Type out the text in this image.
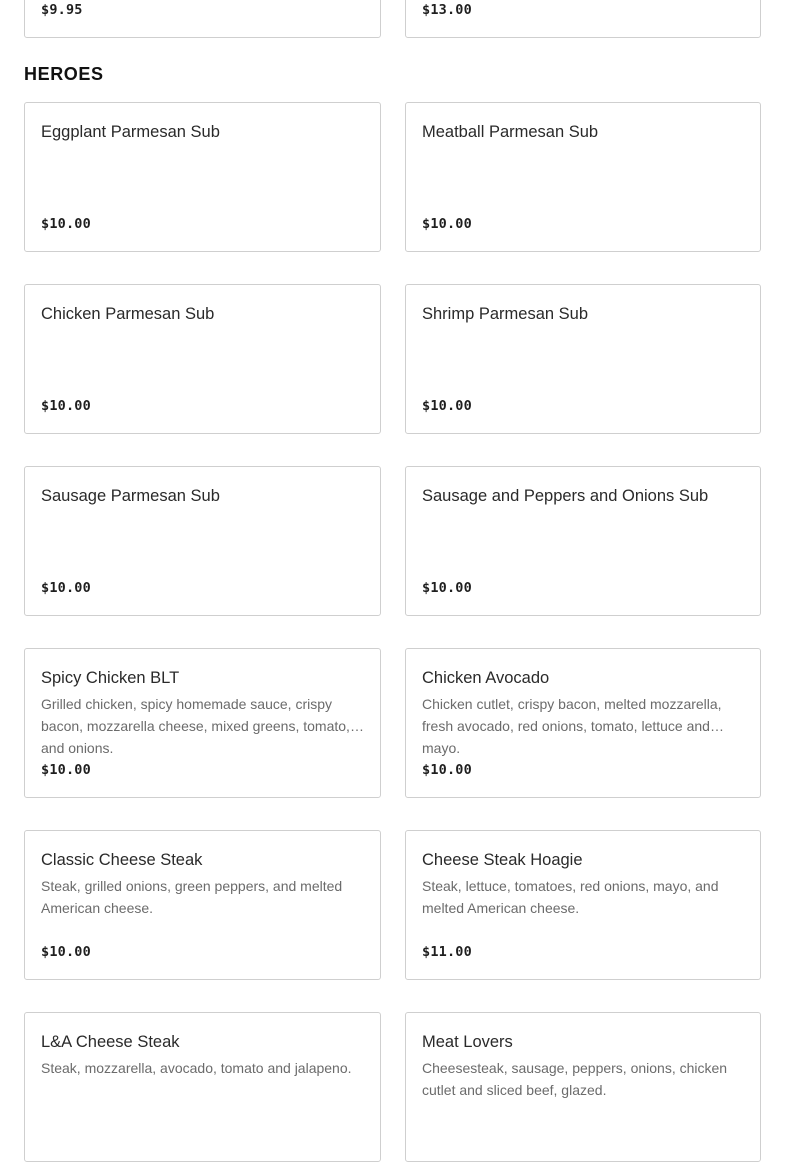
$9.95	$13.00
HEROES
Eggplant Parmesan Sub
$10.00
Meatball Parmesan Sub
$10.00
Chicken Parmesan Sub
$10.00
Shrimp Parmesan Sub
$10.00
Sausage Parmesan Sub
$10.00
Sausage and Peppers and Onions Sub
$10.00
Spicy Chicken BLT
Grilled chicken, spicy homemade sauce, crispy bacon, mozzarella cheese, mixed greens, tomato, and onions.
$10.00
Chicken Avocado
Chicken cutlet, crispy bacon, melted mozzarella, fresh avocado, red onions, tomato, lettuce and mayo.
$10.00
Classic Cheese Steak
Steak, grilled onions, green peppers, and melted American cheese.
$10.00
Cheese Steak Hoagie
Steak, lettuce, tomatoes, red onions, mayo, and melted American cheese.
$11.00
L&A Cheese Steak
Steak, mozzarella, avocado, tomato and jalapeno.
Meat Lovers
Cheesesteak, sausage, peppers, onions, chicken cutlet and sliced beef, glazed.
